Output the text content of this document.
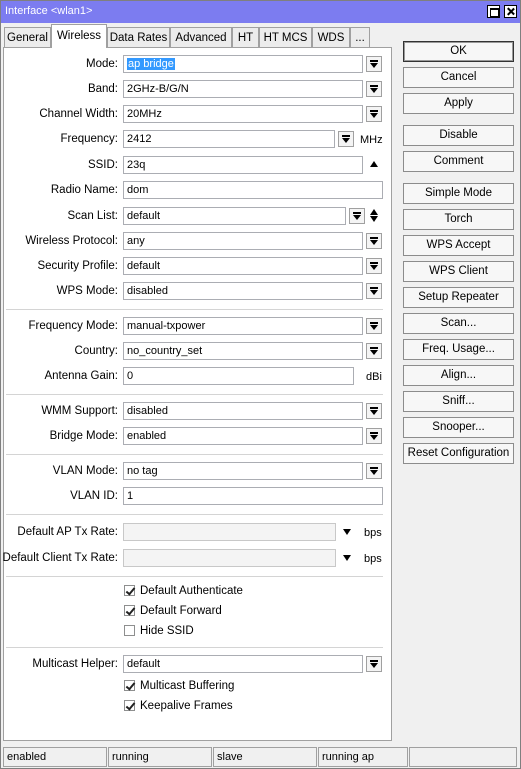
Interface <wlan1>
General Wireless Data Rates Advanced HT HT MCS WDS ...
Mode: ap bridge
Band: 2GHz-B/G/N
Channel Width: 20MHz
Frequency: 2412	MHz
SSID: 23q
Radio Name: dom
Scan List: default
Wireless Protocol: any
Security Profile: default
WPS Mode: disabled
Frequency Mode: manual-txpower
Country: no_country_set
Antenna Gain: 0	dBi
WMM Support: disabled
Bridge Mode: enabled
VLAN Mode: no tag
VLAN ID: 1
Default AP Tx Rate:	bps
Default Client Tx Rate:	bps
Default Authenticate
Default Forward
Hide SSID
Multicast Helper: default
Multicast Buffering
Keepalive Frames
OK
Cancel
Apply
Disable
Comment
Simple Mode
Torch
WPS Accept
WPS Client
Setup Repeater
Scan...
Freq. Usage...
Align...
Sniff...
Snooper...
Reset Configuration
enabled	running	slave	running ap
